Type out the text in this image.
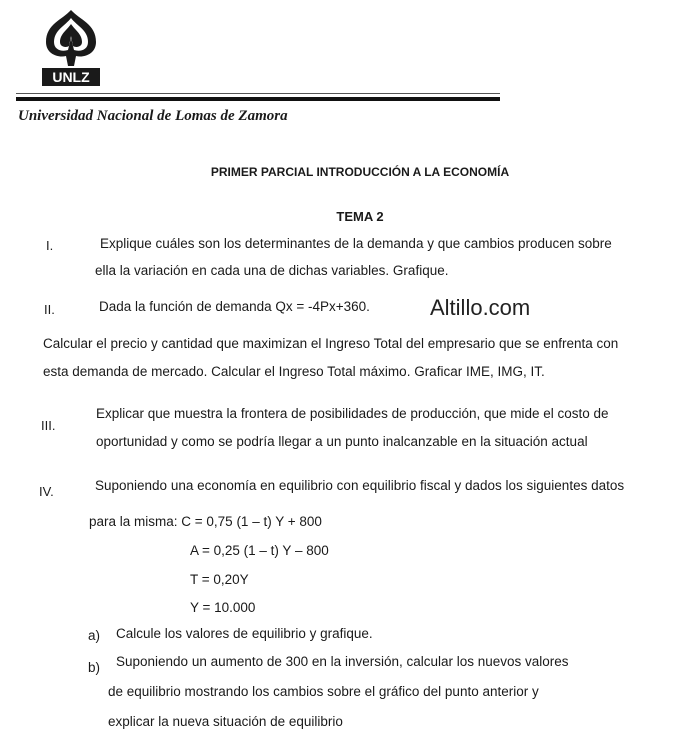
UNLZ
Universidad Nacional de Lomas de Zamora
PRIMER PARCIAL INTRODUCCIÓN A LA ECONOMÍA
TEMA 2
I.	Explique cuáles son los determinantes de la demanda y que cambios producen sobre
ella la variación en cada una de dichas variables. Grafique.
II.	Dada la función de demanda Qx = -4Px+360.	Altillo.com
Calcular el precio y cantidad que maximizan el Ingreso Total del empresario que se enfrenta con
esta demanda de mercado. Calcular el Ingreso Total máximo. Graficar IME, IMG, IT.
III.
Explicar que muestra la frontera de posibilidades de producción, que mide el costo de
oportunidad y como se podría llegar a un punto inalcanzable en la situación actual
IV.	Suponiendo una economía en equilibrio con equilibrio fiscal y dados los siguientes datos
para la misma: C = 0,75 (1 – t) Y + 800
A = 0,25 (1 – t) Y – 800
T = 0,20Y
Y = 10.000
a) Calcule los valores de equilibrio y grafique.
b) Suponiendo un aumento de 300 en la inversión, calcular los nuevos valores
de equilibrio mostrando los cambios sobre el gráfico del punto anterior y
explicar la nueva situación de equilibrio
